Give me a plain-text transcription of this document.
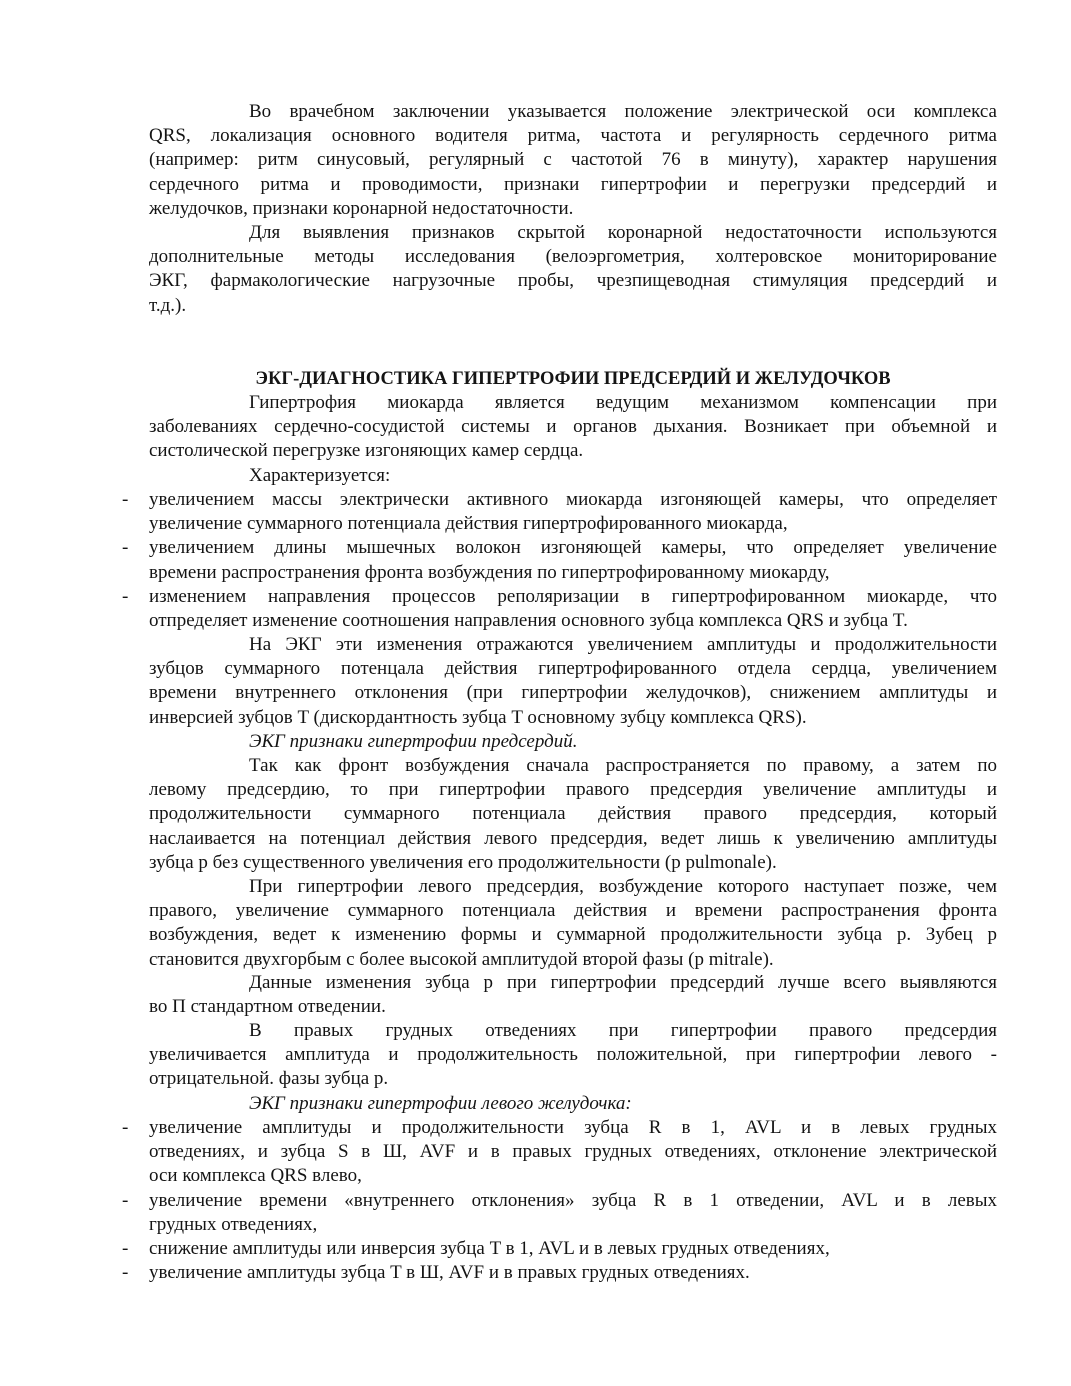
Во врачебном заключении указывается положение электрической оси комплекса
QRS, локализация основного водителя ритма, частота и регулярность сердечного ритма
(например: ритм синусовый, регулярный с частотой 76 в минуту), характер нарушения
сердечного ритма и проводимости, признаки гипертрофии и перегрузки предсердий и
желудочков, признаки коронарной недостаточности.
Для выявления признаков скрытой коронарной недостаточности используются
дополнительные методы исследования (велоэргометрия, холтеровское мониторирование
ЭКГ, фармакологические нагрузочные пробы, чрезпищеводная стимуляция предсердий и
т.д.).
ЭКГ-ДИАГНОСТИКА ГИПЕРТРОФИИ ПРЕДСЕРДИЙ И ЖЕЛУДОЧКОВ
Гипертрофия миокарда является ведущим механизмом компенсации при
заболеваниях сердечно-сосудистой системы и органов дыхания. Возникает при объемной и
систолической перегрузке изгоняющих камер сердца.
Характеризуется:
- увеличением массы электрически активного миокарда изгоняющей камеры, что определяет
увеличение суммарного потенциала действия гипертрофированного миокарда,
- увеличением длины мышечных волокон изгоняющей камеры, что определяет увеличение
времени распространения фронта возбуждения по гипертрофированному миокарду,
- изменением направления процессов реполяризации в гипертрофированном миокарде, что
отпределяет изменение соотношения направления основного зубца комплекса QRS и зубца T.
На ЭКГ эти изменения отражаются увеличением амплитуды и продолжительности
зубцов суммарного потенцала действия гипертрофированного отдела сердца, увеличением
времени внутреннего отклонения (при гипертрофии желудочков), снижением амплитуды и
инверсией зубцов T (дискордантность зубца T основному зубцу комплекса QRS).
ЭКГ признаки гипертрофии предсердий.
Так как фронт возбуждения сначала распространяется по правому, а затем по
левому предсердию, то при гипертрофии правого предсердия увеличение амплитуды и
продолжительности суммарного потенциала действия правого предсердия, который
наслаивается на потенциал действия левого предсердия, ведет лишь к увеличению амплитуды
зубца p без существенного увеличения его продолжительности (p pulmonale).
При гипертрофии левого предсердия, возбуждение которого наступает позже, чем
правого, увеличение суммарного потенциала действия и времени распространения фронта
возбуждения, ведет к изменению формы и суммарной продолжительности зубца p. Зубец p
становится двухгорбым с более высокой амплитудой второй фазы (p mitrale).
Данные изменения зубца p при гипертрофии предсердий лучше всего выявляются
во П стандартном отведении.
В правых грудных отведениях при гипертрофии правого предсердия
увеличивается амплитуда и продолжительность положительной, при гипертрофии левого -
отрицательной. фазы зубца p.
ЭКГ признаки гипертрофии левого желудочка:
- увеличение амплитуды и продолжительности зубца R в 1, AVL и в левых грудных
отведениях, и зубца S в Ш, AVF и в правых грудных отведениях, отклонение электрической
оси комплекса QRS влево,
- увеличение времени «внутреннего отклонения» зубца R в 1 отведении, AVL и в левых
грудных отведениях,
- снижение амплитуды или инверсия зубца T в 1, AVL и в левых грудных отведениях,
- увеличение амплитуды зубца T в Ш, AVF и в правых грудных отведениях.
